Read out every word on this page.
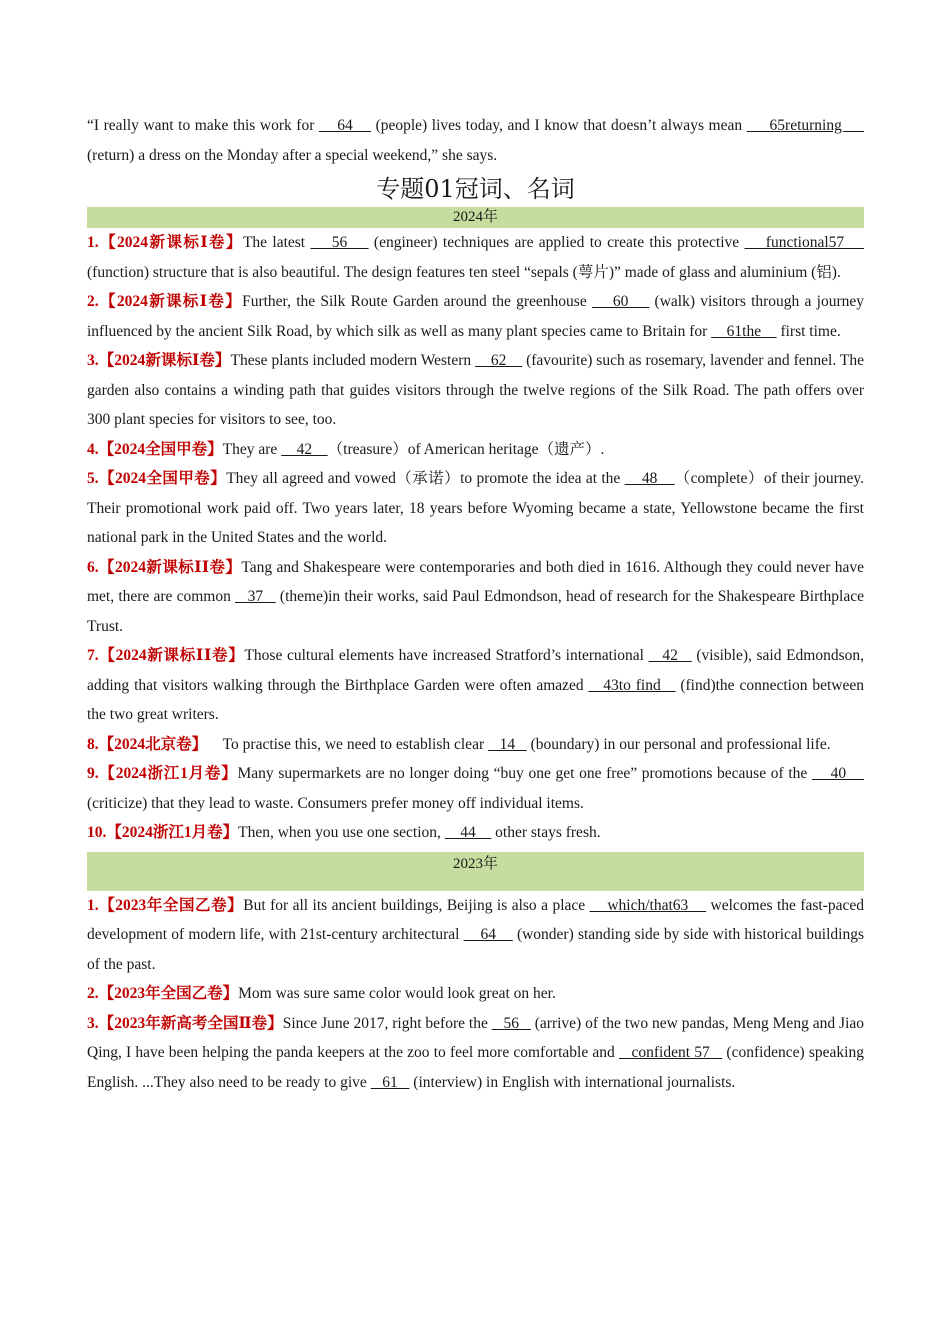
“I really want to make this work for     64     (people) lives today, and I know that doesn’t always mean      65returning      (return) a dress on the Monday after a special weekend,” she says.

专题01冠词、名词
2024年

1.【2024新课标Ⅰ卷】The latest     56     (engineer) techniques are applied to create this protective     functional57     (function) structure that is also beautiful. The design features ten steel “sepals (萼片)” made of glass and aluminium (铝).

2.【2024新课标Ⅰ卷】Further, the Silk Route Garden around the greenhouse     60     (walk) visitors through a journey influenced by the ancient Silk Road, by which silk as well as many plant species came to Britain for     61the     first time.

3.【2024新课标Ⅰ卷】These plants included modern Western     62     (favourite) such as rosemary, lavender and fennel. The garden also contains a winding path that guides visitors through the twelve regions of the Silk Road. The path offers over 300 plant species for visitors to see, too.

4.【2024全国甲卷】They are     42    （treasure）of American heritage（遗产）.

5.【2024全国甲卷】They all agreed and vowed（承诺）to promote the idea at the     48    （complete）of their journey. Their promotional work paid off. Two years later, 18 years before Wyoming became a state, Yellowstone became the first national park in the United States and the world.

6.【2024新课标ⅠⅠ卷】Tang and Shakespeare were contemporaries and both died in 1616. Although they could never have met, there are common    37    (theme)in their works, said Paul Edmondson, head of research for the Shakespeare Birthplace Trust.

7.【2024新课标ⅠⅠ卷】Those cultural elements have increased Stratford’s international    42    (visible), said Edmondson, adding that visitors walking through the Birthplace Garden were often amazed    43to find    (find)the connection between the two great writers.

8.【2024北京卷】    To practise this, we need to establish clear    14    (boundary) in our personal and professional life.

9.【2024浙江1月卷】Many supermarkets are no longer doing “buy one get one free” promotions because of the     40     (criticize) that they lead to waste. Consumers prefer money off individual items.

10.【2024浙江1月卷】Then, when you use one section,     44     other stays fresh.

2023年

1.【2023年全国乙卷】But for all its ancient buildings, Beijing is also a place     which/that63     welcomes the fast-paced development of modern life, with 21st-century architectural     64     (wonder) standing side by side with historical buildings of the past.

2.【2023年全国乙卷】Mom was sure same color would look great on her.

3.【2023年新高考全国Ⅱ卷】Since June 2017, right before the    56    (arrive) of the two new pandas, Meng Meng and Jiao Qing, I have been helping the panda keepers at the zoo to feel more comfortable and    confident 57    (confidence) speaking English. ...They also need to be ready to give    61    (interview) in English with international journalists.
